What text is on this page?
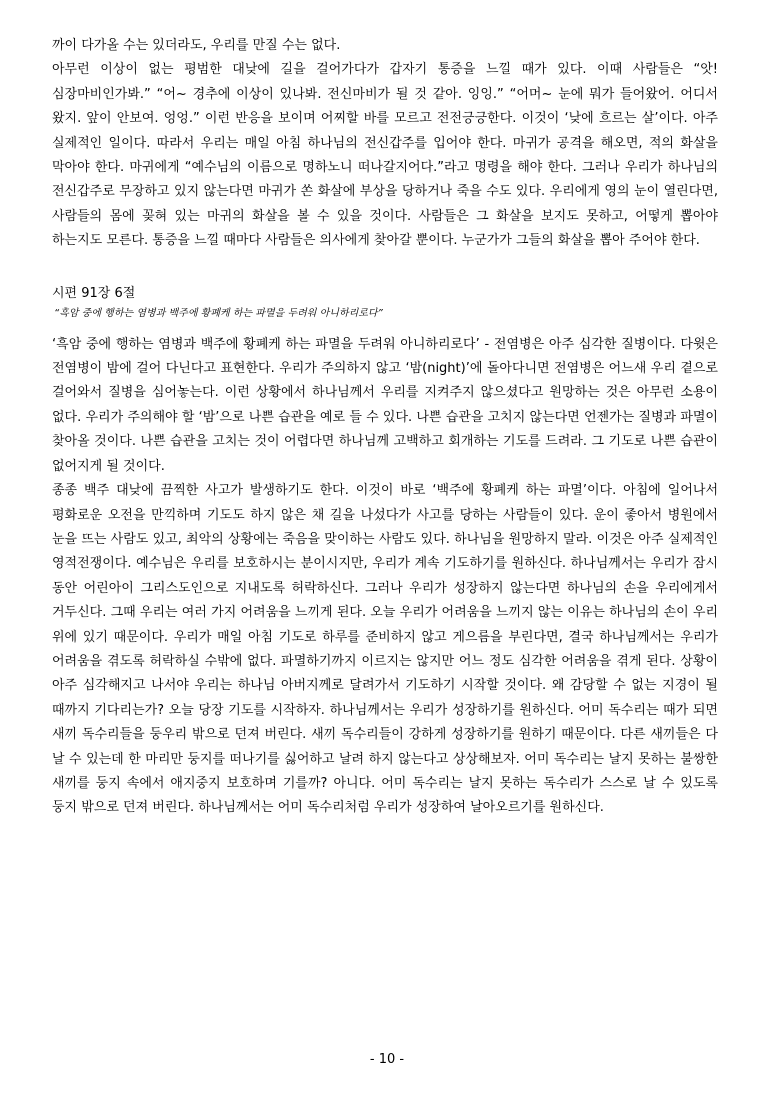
까이 다가올 수는 있더라도, 우리를 만질 수는 없다.

아무런 이상이 없는 평범한 대낮에 길을 걸어가다가 갑자기 통증을 느낄 때가 있다. 이때 사람들은 “앗! 심장마비인가봐.” “어~ 경추에 이상이 있나봐. 전신마비가 될 것 같아. 잉잉.” “어머~ 눈에 뭐가 들어왔어. 어디서 왔지. 앞이 안보여. 엉엉.” 이런 반응을 보이며 어찌할 바를 모르고 전전긍긍한다. 이것이 ‘낮에 흐르는 살’이다. 아주 실제적인 일이다. 따라서 우리는 매일 아침 하나님의 전신갑주를 입어야 한다. 마귀가 공격을 해오면, 적의 화살을 막아야 한다. 마귀에게 “예수님의 이름으로 명하노니 떠나갈지어다.”라고 명령을 해야 한다. 그러나 우리가 하나님의 전신갑주로 무장하고 있지 않는다면 마귀가 쏜 화살에 부상을 당하거나 죽을 수도 있다. 우리에게 영의 눈이 열린다면, 사람들의 몸에 꽂혀 있는 마귀의 화살을 볼 수 있을 것이다. 사람들은 그 화살을 보지도 못하고, 어떻게 뽑아야 하는지도 모른다. 통증을 느낄 때마다 사람들은 의사에게 찾아갈 뿐이다. 누군가가 그들의 화살을 뽑아 주어야 한다.

시편 91장 6절
“흑암 중에 행하는 염병과 백주에 황폐케 하는 파멸을 두려워 아니하리로다”

‘흑암 중에 행하는 염병과 백주에 황폐케 하는 파멸을 두려워 아니하리로다’ - 전염병은 아주 심각한 질병이다. 다윗은 전염병이 밤에 걸어 다닌다고 표현한다. 우리가 주의하지 않고 ‘밤(night)’에 돌아다니면 전염병은 어느새 우리 곁으로 걸어와서 질병을 심어놓는다. 이런 상황에서 하나님께서 우리를 지켜주지 않으셨다고 원망하는 것은 아무런 소용이 없다. 우리가 주의해야 할 ‘밤’으로 나쁜 습관을 예로 들 수 있다. 나쁜 습관을 고치지 않는다면 언젠가는 질병과 파멸이 찾아올 것이다. 나쁜 습관을 고치는 것이 어렵다면 하나님께 고백하고 회개하는 기도를 드려라. 그 기도로 나쁜 습관이 없어지게 될 것이다.

종종 백주 대낮에 끔찍한 사고가 발생하기도 한다. 이것이 바로 ‘백주에 황폐케 하는 파멸’이다. 아침에 일어나서 평화로운 오전을 만끽하며 기도도 하지 않은 채 길을 나섰다가 사고를 당하는 사람들이 있다. 운이 좋아서 병원에서 눈을 뜨는 사람도 있고, 최악의 상황에는 죽음을 맞이하는 사람도 있다. 하나님을 원망하지 말라. 이것은 아주 실제적인 영적전쟁이다. 예수님은 우리를 보호하시는 분이시지만, 우리가 계속 기도하기를 원하신다. 하나님께서는 우리가 잠시 동안 어린아이 그리스도인으로 지내도록 허락하신다. 그러나 우리가 성장하지 않는다면 하나님의 손을 우리에게서 거두신다. 그때 우리는 여러 가지 어려움을 느끼게 된다. 오늘 우리가 어려움을 느끼지 않는 이유는 하나님의 손이 우리 위에 있기 때문이다. 우리가 매일 아침 기도로 하루를 준비하지 않고 게으름을 부린다면, 결국 하나님께서는 우리가 어려움을 겪도록 허락하실 수밖에 없다. 파멸하기까지 이르지는 않지만 어느 정도 심각한 어려움을 겪게 된다. 상황이 아주 심각해지고 나서야 우리는 하나님 아버지께로 달려가서 기도하기 시작할 것이다. 왜 감당할 수 없는 지경이 될 때까지 기다리는가? 오늘 당장 기도를 시작하자. 하나님께서는 우리가 성장하기를 원하신다. 어미 독수리는 때가 되면 새끼 독수리들을 둥우리 밖으로 던져 버린다. 새끼 독수리들이 강하게 성장하기를 원하기 때문이다. 다른 새끼들은 다 날 수 있는데 한 마리만 둥지를 떠나기를 싫어하고 날려 하지 않는다고 상상해보자. 어미 독수리는 날지 못하는 불쌍한 새끼를 둥지 속에서 애지중지 보호하며 기를까? 아니다. 어미 독수리는 날지 못하는 독수리가 스스로 날 수 있도록 둥지 밖으로 던져 버린다. 하나님께서는 어미 독수리처럼 우리가 성장하여 날아오르기를 원하신다.

- 10 -
